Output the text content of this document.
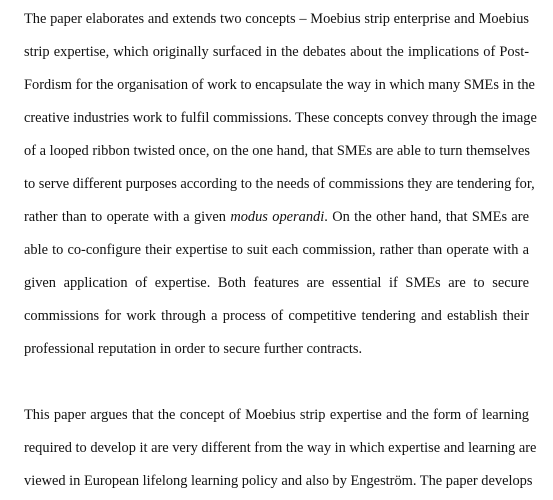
The paper elaborates and extends two concepts – Moebius strip enterprise and Moebius

strip expertise, which originally surfaced in the debates about the implications of Post-

Fordism for the organisation of work to encapsulate the way in which many SMEs in the

creative industries work to fulfil commissions. These concepts convey through the image

of a looped ribbon twisted once, on the one hand, that SMEs are able to turn themselves

to serve different purposes according to the needs of commissions they are tendering for,

rather than to operate with a given modus operandi. On the other hand, that SMEs are

able to co-configure their expertise to suit each commission, rather than operate with a

given application of expertise. Both features are essential if SMEs are to secure

commissions for work through a process of competitive tendering and establish their

professional reputation in order to secure further contracts.

This paper argues that the concept of Moebius strip expertise and the form of learning

required to develop it are very different from the way in which expertise and learning are

viewed in European lifelong learning policy and also by Engeström. The paper develops
